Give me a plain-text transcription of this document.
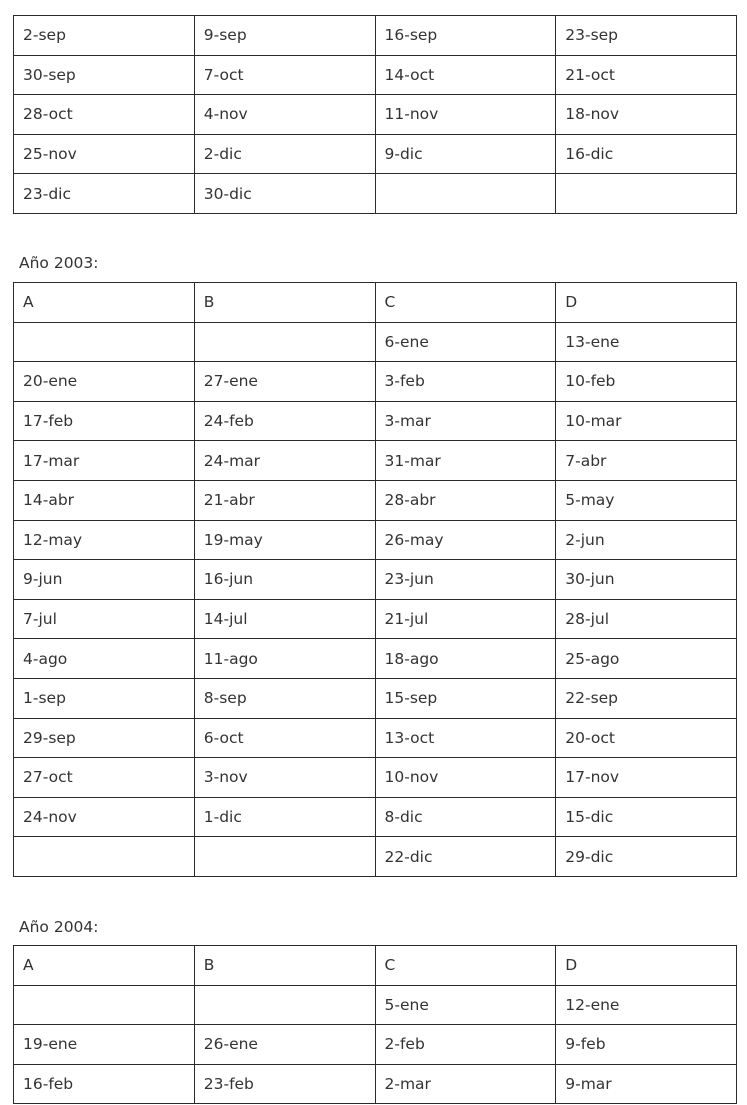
2-sep	9-sep	16-sep	23-sep
30-sep	7-oct	14-oct	21-oct
28-oct	4-nov	11-nov	18-nov
25-nov	2-dic	9-dic	16-dic
23-dic	30-dic		
Año 2003:
A	B	C	D
		6-ene	13-ene
20-ene	27-ene	3-feb	10-feb
17-feb	24-feb	3-mar	10-mar
17-mar	24-mar	31-mar	7-abr
14-abr	21-abr	28-abr	5-may
12-may	19-may	26-may	2-jun
9-jun	16-jun	23-jun	30-jun
7-jul	14-jul	21-jul	28-jul
4-ago	11-ago	18-ago	25-ago
1-sep	8-sep	15-sep	22-sep
29-sep	6-oct	13-oct	20-oct
27-oct	3-nov	10-nov	17-nov
24-nov	1-dic	8-dic	15-dic
		22-dic	29-dic
Año 2004:
A	B	C	D
		5-ene	12-ene
19-ene	26-ene	2-feb	9-feb
16-feb	23-feb	2-mar	9-mar
